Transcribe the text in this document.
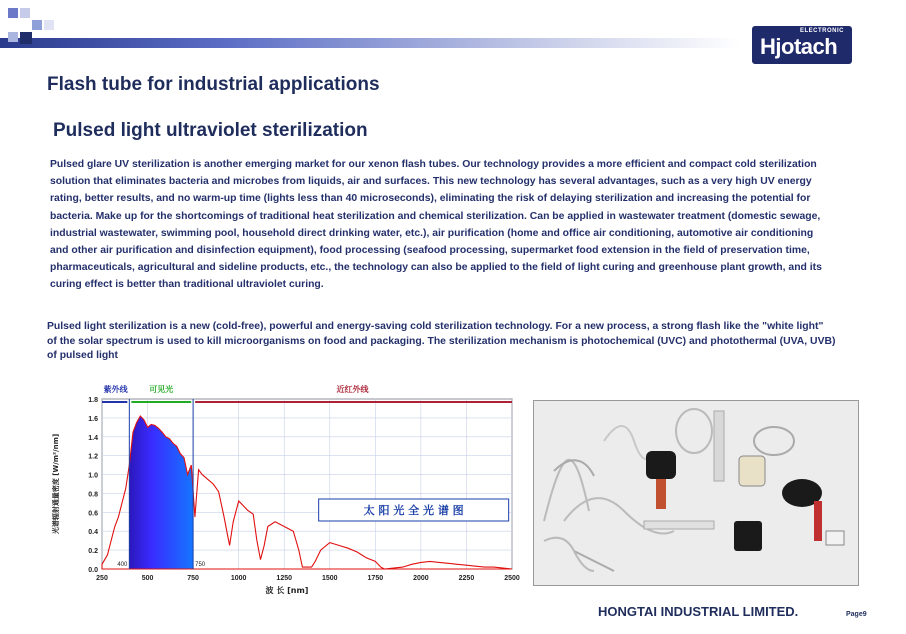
ELECTRONIC
Hjotach
Flash tube for industrial applications
Pulsed light ultraviolet sterilization
Pulsed glare UV sterilization is another emerging market for our xenon flash tubes. Our technology provides a more efficient and compact cold sterilization
solution that eliminates bacteria and microbes from liquids, air and surfaces. This new technology has several advantages, such as a very high UV energy
rating, better results, and no warm-up time (lights less than 40 microseconds), eliminating the risk of delaying sterilization and increasing the potential for
bacteria. Make up for the shortcomings of traditional heat sterilization and chemical sterilization. Can be applied in wastewater treatment (domestic sewage,
industrial wastewater, swimming pool, household direct drinking water, etc.), air purification (home and office air conditioning, automotive air conditioning
and other air purification and disinfection equipment), food processing (seafood processing, supermarket food extension in the field of preservation time,
pharmaceuticals, agricultural and sideline products, etc., the technology can also be applied to the field of light curing and greenhouse plant growth, and its
curing effect is better than traditional ultraviolet curing.
Pulsed light sterilization is a new (cold-free), powerful and energy-saving cold sterilization technology. For a new process, a strong flash like the "white light"
of the solar spectrum is used to kill microorganisms on food and packaging. The sterilization mechanism is photochemical (UVC) and photothermal (UVA, UVB)
of pulsed light
0.0
0.2
0.4
0.6
0.8
1.0
1.2
1.4
1.6
1.8
250	500	750	1000	1250	1500	1750	2000	2250	2500
400	750
紫外线	可见光	近红外线
太 阳 光 全 光 谱 图
波 长 [nm]
光谱辐射通量密度 [W/m²/nm]
HONGTAI INDUSTRIAL LIMITED.	Page9
